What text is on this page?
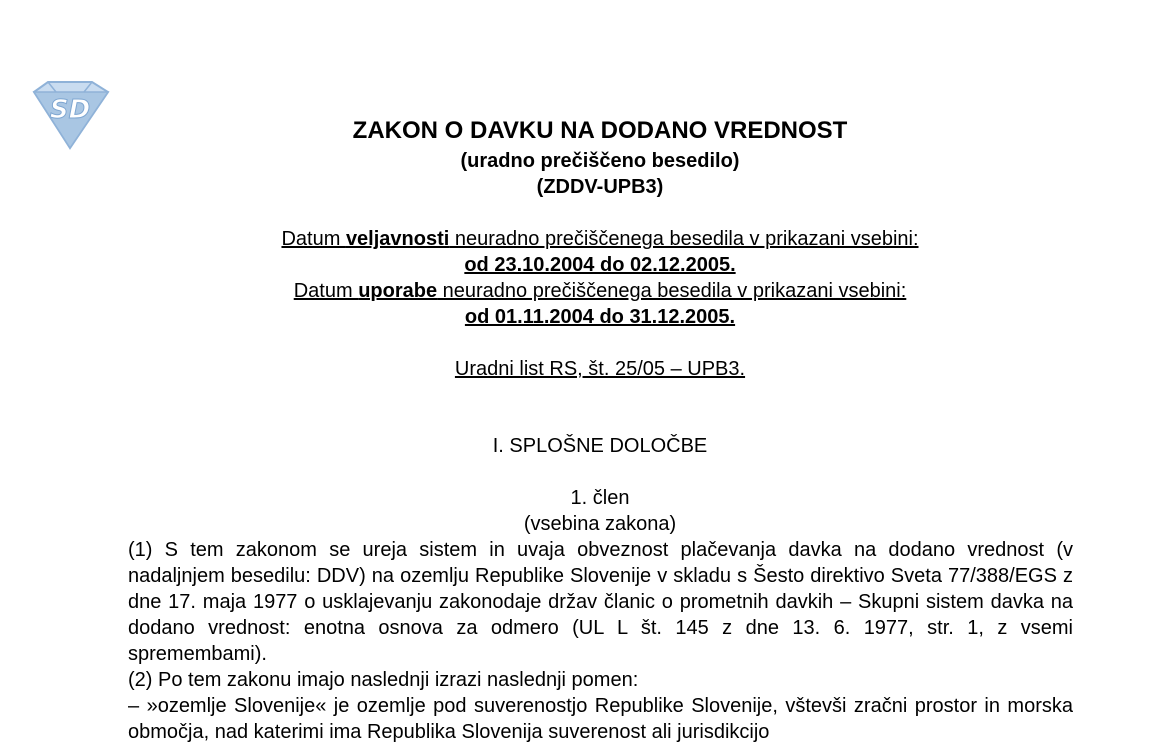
SD
ZAKON O DAVKU NA DODANO VREDNOST
(uradno prečiščeno besedilo)
(ZDDV-UPB3)
Datum veljavnosti neuradno prečiščenega besedila v prikazani vsebini:
od 23.10.2004 do 02.12.2005.
Datum uporabe neuradno prečiščenega besedila v prikazani vsebini:
od 01.11.2004 do 31.12.2005.
Uradni list RS, št. 25/05 – UPB3.
I. SPLOŠNE DOLOČBE
1. člen
(vsebina zakona)

(1) S tem zakonom se ureja sistem in uvaja obveznost plačevanja davka na dodano vrednost (v nadaljnjem besedilu: DDV) na ozemlju Republike Slovenije v skladu s Šesto direktivo Sveta 77/388/EGS z dne 17. maja 1977 o usklajevanju zakonodaje držav članic o prometnih davkih – Skupni sistem davka na dodano vrednost: enotna osnova za odmero (UL L št. 145 z dne 13. 6. 1977, str. 1, z vsemi spremembami).

(2) Po tem zakonu imajo naslednji izrazi naslednji pomen:

– »ozemlje Slovenije« je ozemlje pod suverenostjo Republike Slovenije, vštevši zračni prostor in morska območja, nad katerimi ima Republika Slovenija suverenost ali jurisdikcijo
